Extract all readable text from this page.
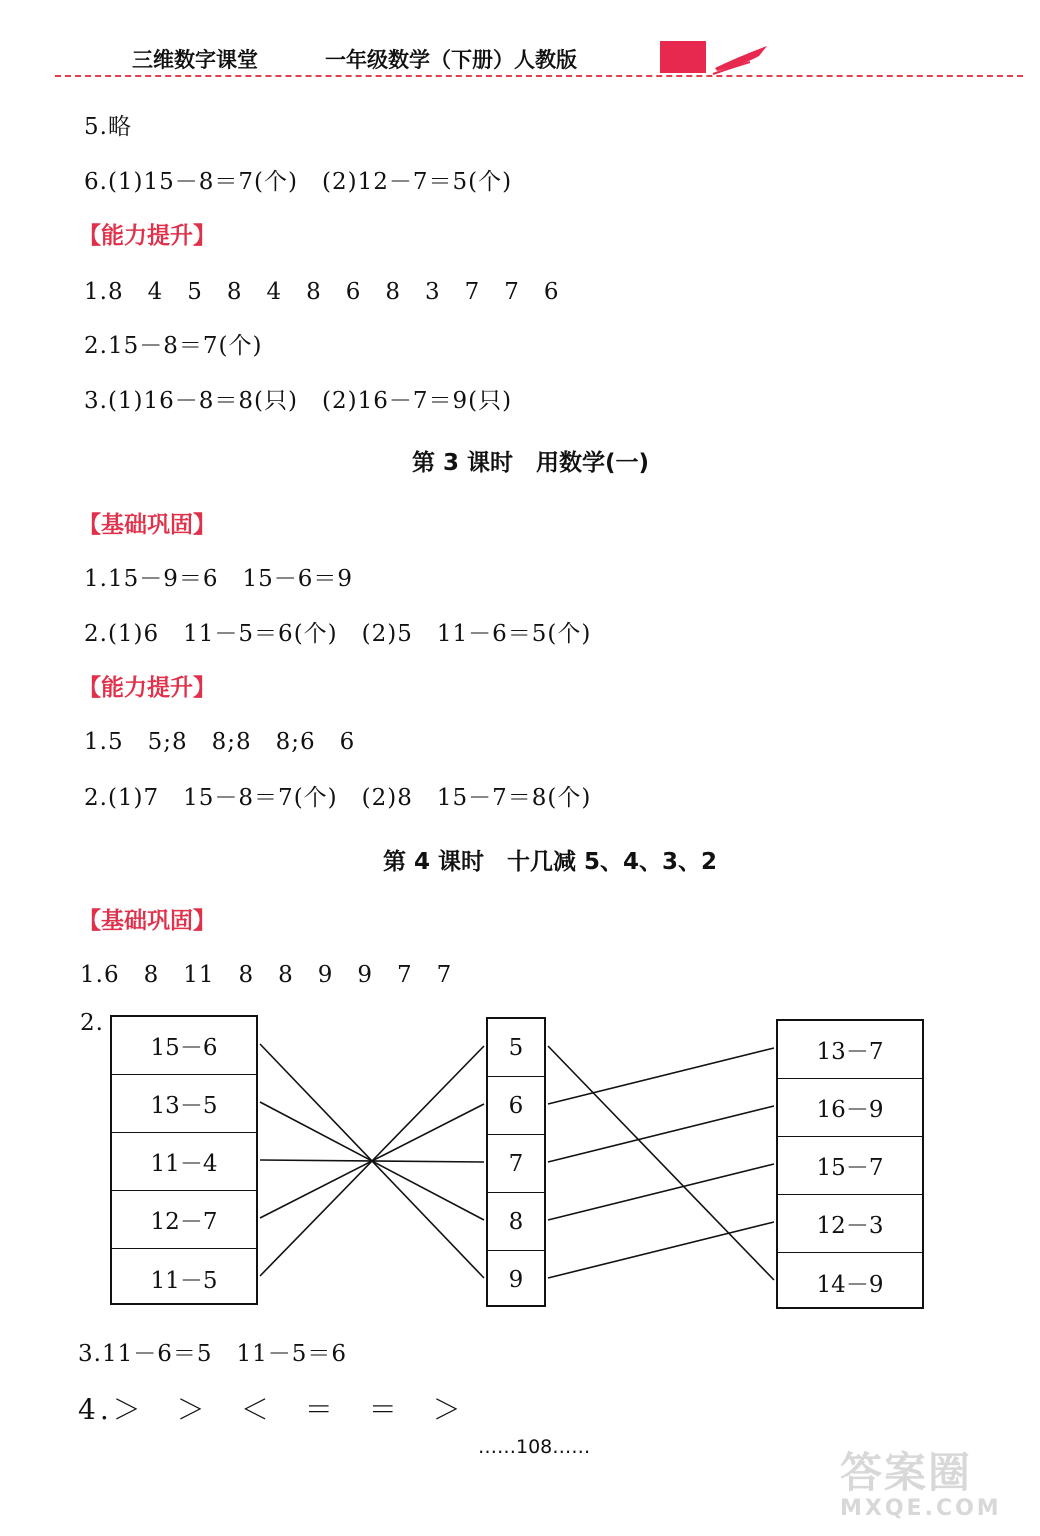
三维数字课堂	一年级数学（下册）人教版
5.略
6.(1)15－8＝7(个)　(2)12－7＝5(个)
【能力提升】
1.8　4　5　8　4　8　6　8　3　7　7　6
2.15－8＝7(个)
3.(1)16－8＝8(只)　(2)16－7＝9(只)
第 3 课时　用数学(一)
【基础巩固】
1.15－9＝6　15－6＝9
2.(1)6　11－5＝6(个)　(2)5　11－6＝5(个)
【能力提升】
1.5　5;8　8;8　8;6　6
2.(1)7　15－8＝7(个)　(2)8　15－7＝8(个)
第 4 课时　十几减 5、4、3、2
【基础巩固】
1.6　8　11　8　8　9　9　7　7
2.
15－6
13－5
11－4
12－7
11－5
5
6
7
8
9
13－7
16－9
15－7
12－3
14－9
3.11－6＝5　11－5＝6
4.＞　＞　＜　＝　＝　＞
……108……
答案圈
MXQE.COM
